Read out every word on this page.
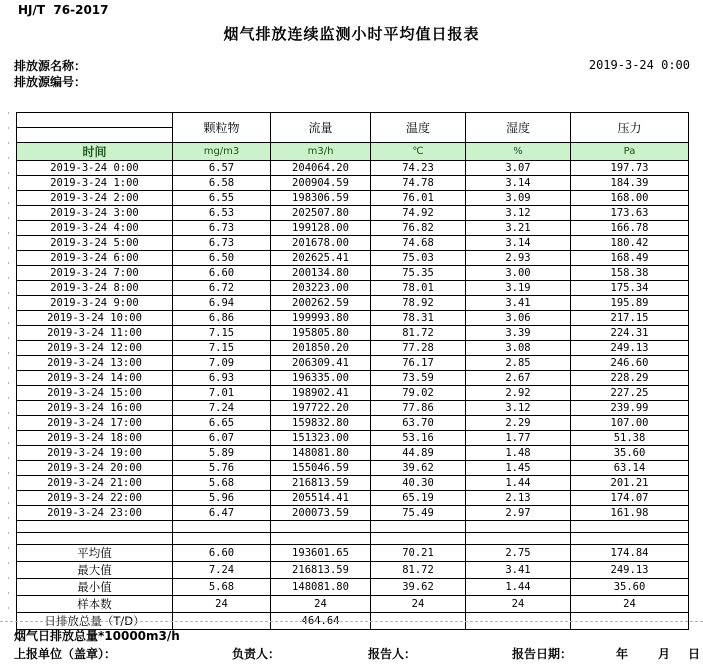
HJ/T  76-2017
烟气排放连续监测小时平均值日报表
排放源名称：	2019-3-24 0:00
排放源编号：
	颗粒物	流量	温度	湿度	压力

时间	mg/m3	m3/h	℃	%	Pa
2019-3-24 0:00	6.57	204064.20	74.23	3.07	197.73
2019-3-24 1:00	6.58	200904.59	74.78	3.14	184.39
2019-3-24 2:00	6.55	198306.59	76.01	3.09	168.00
2019-3-24 3:00	6.53	202507.80	74.92	3.12	173.63
2019-3-24 4:00	6.73	199128.00	76.82	3.21	166.78
2019-3-24 5:00	6.73	201678.00	74.68	3.14	180.42
2019-3-24 6:00	6.50	202625.41	75.03	2.93	168.49
2019-3-24 7:00	6.60	200134.80	75.35	3.00	158.38
2019-3-24 8:00	6.72	203223.00	78.01	3.19	175.34
2019-3-24 9:00	6.94	200262.59	78.92	3.41	195.89
2019-3-24 10:00	6.86	199993.80	78.31	3.06	217.15
2019-3-24 11:00	7.15	195805.80	81.72	3.39	224.31
2019-3-24 12:00	7.15	201850.20	77.28	3.08	249.13
2019-3-24 13:00	7.09	206309.41	76.17	2.85	246.60
2019-3-24 14:00	6.93	196335.00	73.59	2.67	228.29
2019-3-24 15:00	7.01	198902.41	79.02	2.92	227.25
2019-3-24 16:00	7.24	197722.20	77.86	3.12	239.99
2019-3-24 17:00	6.65	159832.80	63.70	2.29	107.00
2019-3-24 18:00	6.07	151323.00	53.16	1.77	51.38
2019-3-24 19:00	5.89	148081.80	44.89	1.48	35.60
2019-3-24 20:00	5.76	155046.59	39.62	1.45	63.14
2019-3-24 21:00	5.68	216813.59	40.30	1.44	201.21
2019-3-24 22:00	5.96	205514.41	65.19	2.13	174.07
2019-3-24 23:00	6.47	200073.59	75.49	2.97	161.98

平均值	6.60	193601.65	70.21	2.75	174.84
最大值	7.24	216813.59	81.72	3.41	249.13
最小值	5.68	148081.80	39.62	1.44	35.60
样本数	24	24	24	24	24
日排放总量（T/D）		464.64			
烟气日排放总量*10000m3/h
上报单位（盖章）：	负责人：	报告人：	报告日期：	年 月 日
